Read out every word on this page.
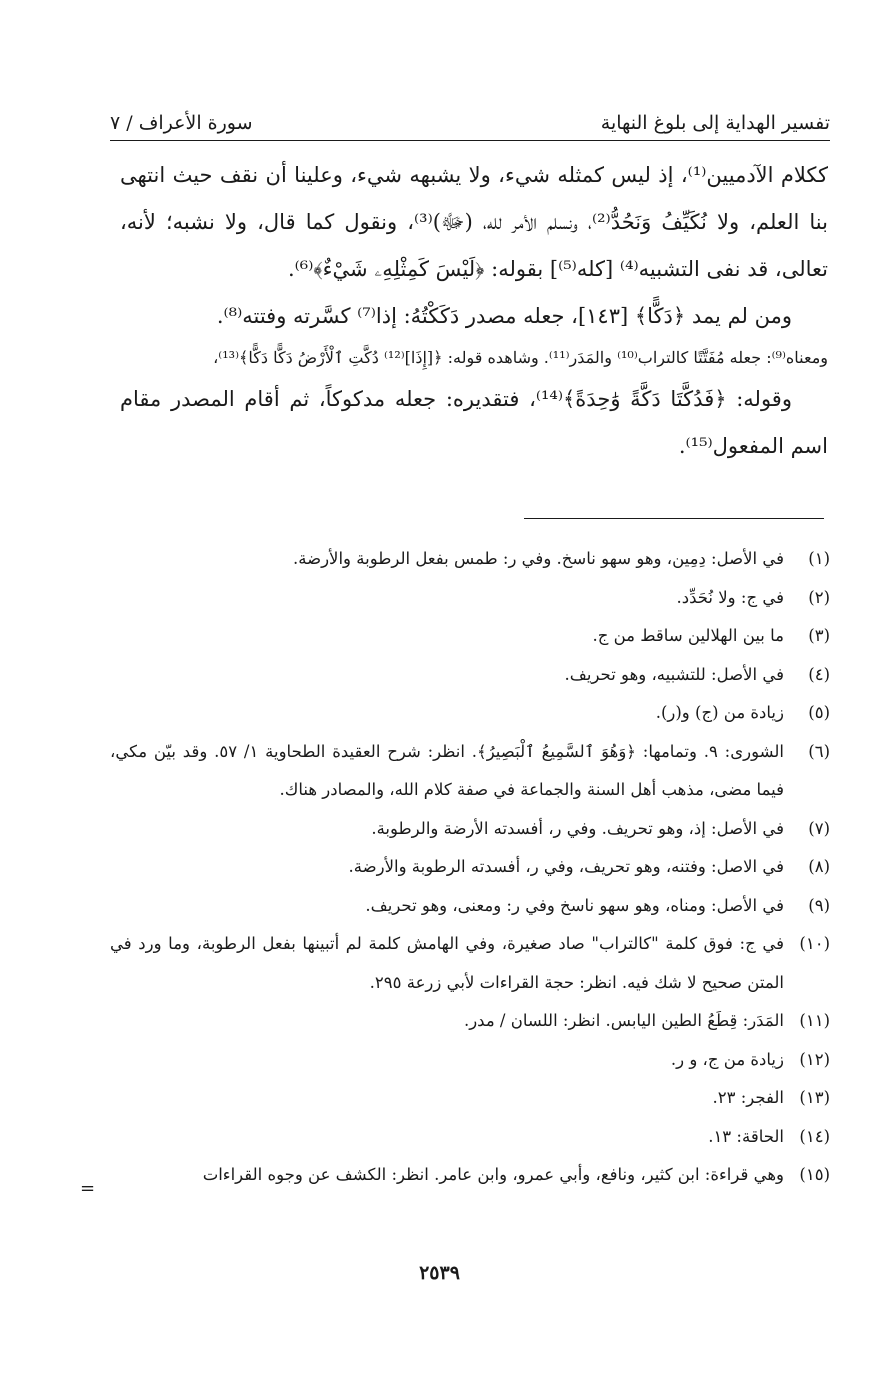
تفسير الهداية إلى بلوغ النهاية
سورة الأعراف / ٧

ككلام الآدميين⁽¹⁾، إذ ليس كمثله شيء، ولا يشبهه شيء، وعلينا أن نقف حيث انتهى بنا العلم، ولا نُكَيِّفُ وَنَحُدُّ⁽²⁾، ونسلم الأمر لله، (ﷻ)⁽³⁾، ونقول كما قال، ولا نشبه؛ لأنه، تعالى، قد نفى التشبيه⁽⁴⁾ [كله⁽⁵⁾] بقوله: ﴿لَيْسَ كَمِثْلِهِۦ شَيْءٌ﴾⁽⁶⁾.

ومن لم يمد ﴿دَكًّا﴾ [١٤٣]، جعله مصدر دَكَكْتُهُ: إذا⁽⁷⁾ كسَّرته وفتته⁽⁸⁾.

ومعناه⁽⁹⁾: جعله مُفَتَّتًا كالتراب⁽¹⁰⁾ والمَدَر⁽¹¹⁾. وشاهده قوله: ﴿[إِذَا]⁽¹²⁾ دُكَّتِ ٱلْأَرْضُ دَكًّا دَكًّا﴾⁽¹³⁾،

وقوله: ﴿فَدُكَّتَا دَكَّةً وَٰحِدَةً﴾⁽¹⁴⁾، فتقديره: جعله مدكوكاً، ثم أقام المصدر مقام اسم المفعول⁽¹⁵⁾.

(١)
في الأصل: دِمِين، وهو سهو ناسخ. وفي ر: طمس بفعل الرطوبة والأرضة.
(٢)
في ج: ولا نُحَدِّد.
(٣)
ما بين الهلالين ساقط من ج.
(٤)
في الأصل: للتشبيه، وهو تحريف.
(٥)
زيادة من (ج) و(ر).
(٦)
الشورى: ٩. وتمامها: ﴿وَهُوَ ٱلسَّمِيعُ ٱلْبَصِيرُ﴾. انظر: شرح العقيدة الطحاوية ١/ ٥٧. وقد بيّن مكي، فيما مضى، مذهب أهل السنة والجماعة في صفة كلام الله، والمصادر هناك.
(٧)
في الأصل: إذ، وهو تحريف. وفي ر، أفسدته الأرضة والرطوبة.
(٨)
في الاصل: وفتنه، وهو تحريف، وفي ر، أفسدته الرطوبة والأرضة.
(٩)
في الأصل: ومناه، وهو سهو ناسخ وفي ر: ومعنى، وهو تحريف.
(١٠)
في ج: فوق كلمة "كالتراب" صاد صغيرة، وفي الهامش كلمة لم أتبينها بفعل الرطوبة، وما ورد في المتن صحيح لا شك فيه. انظر: حجة القراءات لأبي زرعة ٢٩٥.
(١١)
المَدَر: قِطَعُ الطين اليابس. انظر: اللسان / مدر.
(١٢)
زيادة من ج، و ر.
(١٣)
الفجر: ٢٣.
(١٤)
الحاقة: ١٣.
(١٥)
وهي قراءة: ابن كثير، ونافع، وأبي عمرو، وابن عامر. انظر: الكشف عن وجوه القراءات
=
٢٥٣٩
